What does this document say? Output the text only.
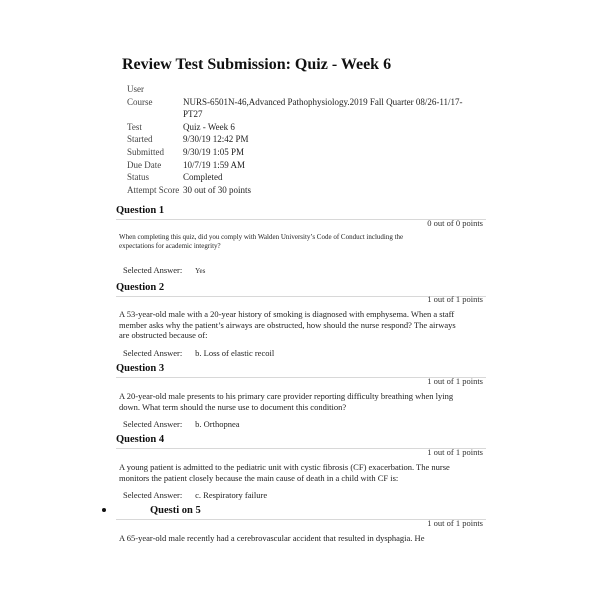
Review Test Submission: Quiz - Week 6
User
Course	NURS-6501N-46,Advanced Pathophysiology.2019 Fall Quarter 08/26-11/17-PT27
Test	Quiz - Week 6
Started	9/30/19 12:42 PM
Submitted	9/30/19 1:05 PM
Due Date	10/7/19 1:59 AM
Status	Completed
Attempt Score 30 out of 30 points
Question 1
0 out of 0 points
When completing this quiz, did you comply with Walden University’s Code of Conduct including the expectations for academic integrity?
Selected Answer: Yes
Question 2
1 out of 1 points
A 53-year-old male with a 20-year history of smoking is diagnosed with emphysema. When a staff member asks why the patient’s airways are obstructed, how should the nurse respond? The airways are obstructed because of:
Selected Answer: b. Loss of elastic recoil
Question 3
1 out of 1 points
A 20-year-old male presents to his primary care provider reporting difficulty breathing when lying down. What term should the nurse use to document this condition?
Selected Answer: b. Orthopnea
Question 4
1 out of 1 points
A young patient is admitted to the pediatric unit with cystic fibrosis (CF) exacerbation. The nurse monitors the patient closely because the main cause of death in a child with CF is:
Selected Answer: c. Respiratory failure
Questi on 5
1 out of 1 points
A 65-year-old male recently had a cerebrovascular accident that resulted in dysphagia. He
